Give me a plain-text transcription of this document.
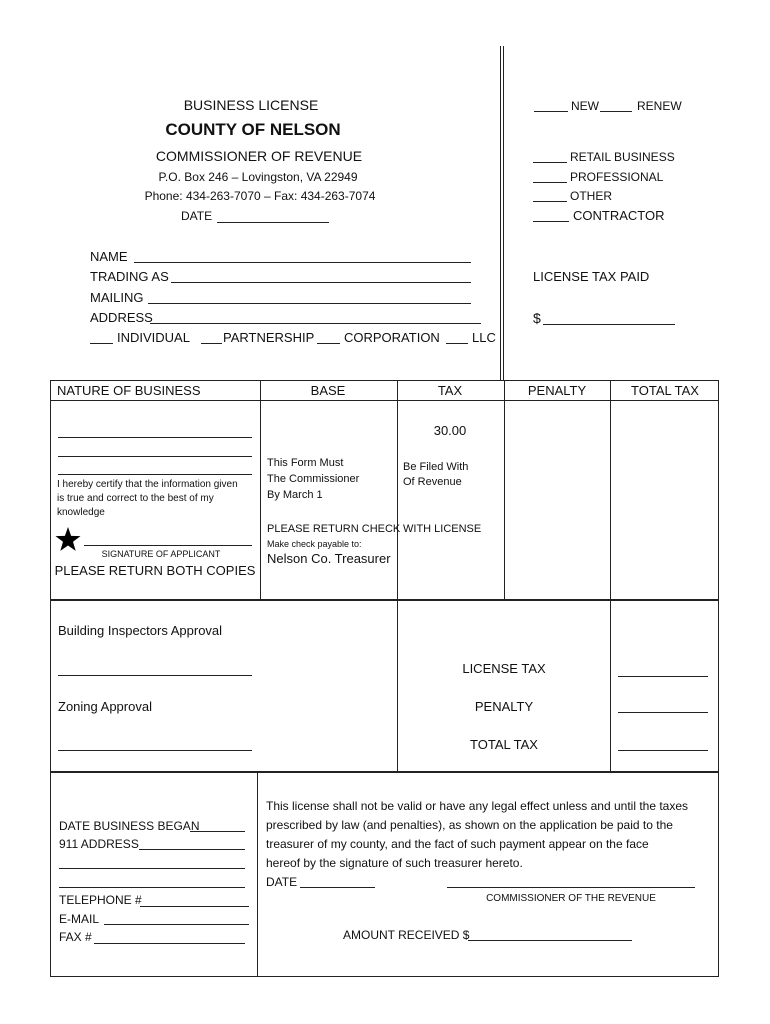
BUSINESS LICENSE
COUNTY OF NELSON
COMMISSIONER OF REVENUE
P.O. Box 246 – Lovingston, VA 22949
Phone: 434-263-7070 – Fax: 434-263-7074
DATE
NEW	RENEW
RETAIL BUSINESS
PROFESSIONAL
OTHER
CONTRACTOR
LICENSE TAX PAID
$
NAME
TRADING AS
MAILING
ADDRESS
INDIVIDUAL	PARTNERSHIP CORPORATION LLC
NATURE OF BUSINESS	BASE	TAX	PENALTY	TOTAL TAX
I hereby certify that the information given
is true and correct to the best of my
knowledge
SIGNATURE OF APPLICANT
PLEASE RETURN BOTH COPIES
30.00
This Form Must
The Commissioner
By March 1
Be Filed With
Of Revenue
PLEASE RETURN CHECK WITH LICENSE
Make check payable to:
Nelson Co. Treasurer
Building Inspectors Approval
Zoning Approval
LICENSE TAX
PENALTY
TOTAL TAX
DATE BUSINESS BEGAN
911 ADDRESS
TELEPHONE #
E-MAIL
FAX #
This license shall not be valid or have any legal effect unless and until the taxes
prescribed by law (and penalties), as shown on the application be paid to the
treasurer of my county, and the fact of such payment appear on the face
hereof by the signature of such treasurer hereto.
DATE
COMMISSIONER OF THE REVENUE
AMOUNT RECEIVED $
